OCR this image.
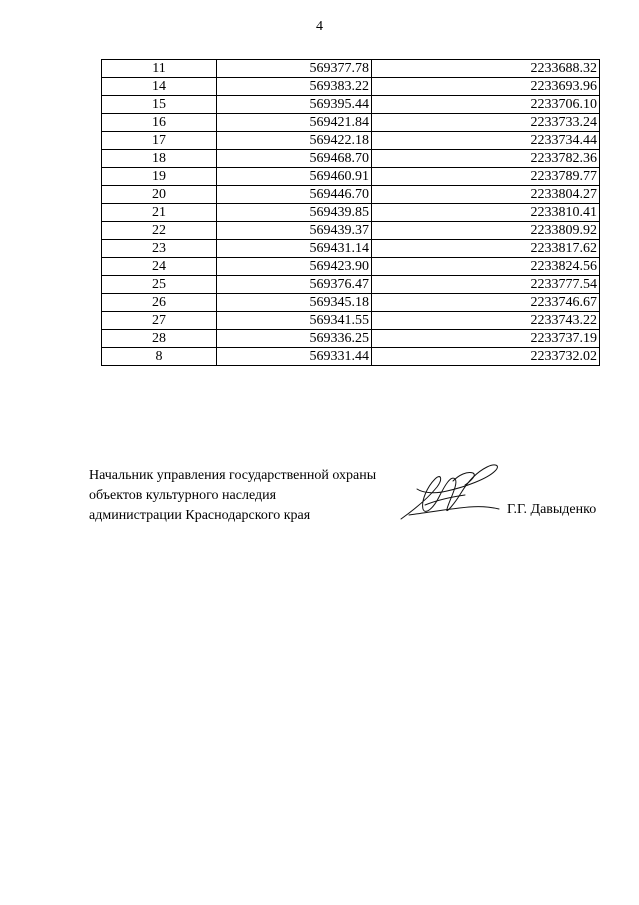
4
11	569377.78	2233688.32
14	569383.22	2233693.96
15	569395.44	2233706.10
16	569421.84	2233733.24
17	569422.18	2233734.44
18	569468.70	2233782.36
19	569460.91	2233789.77
20	569446.70	2233804.27
21	569439.85	2233810.41
22	569439.37	2233809.92
23	569431.14	2233817.62
24	569423.90	2233824.56
25	569376.47	2233777.54
26	569345.18	2233746.67
27	569341.55	2233743.22
28	569336.25	2233737.19
8	569331.44	2233732.02
Начальник управления государственной охраны
объектов культурного наследия
администрации Краснодарского края	Г.Г. Давыденко
